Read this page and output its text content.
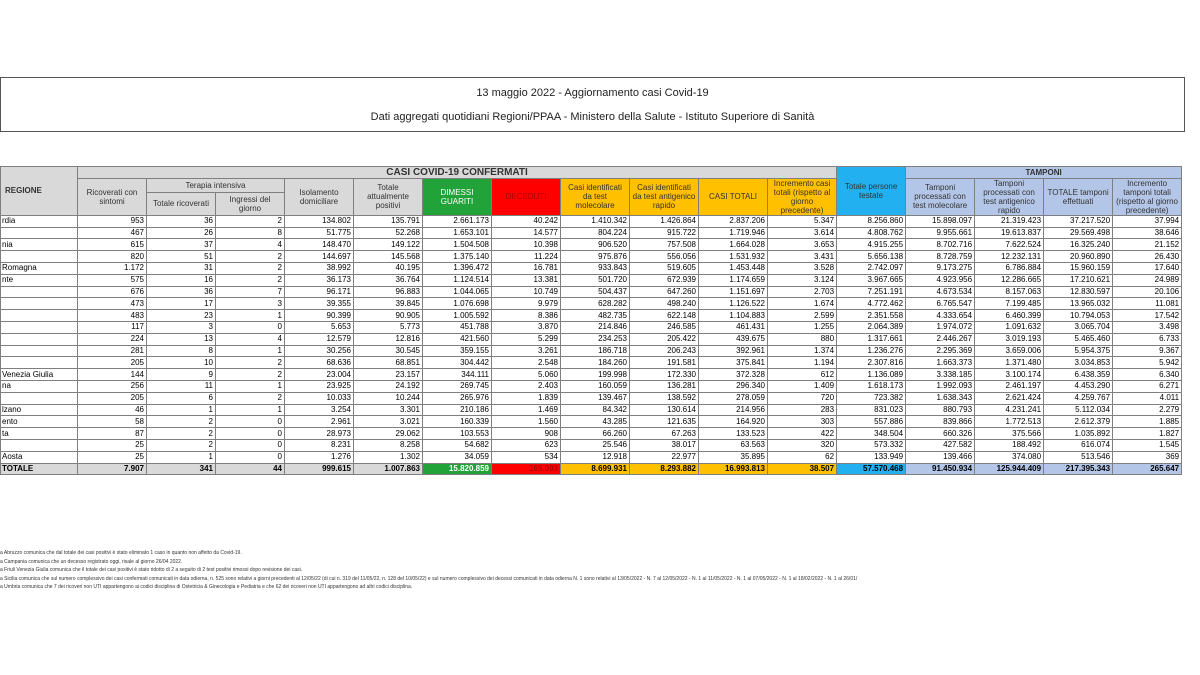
13 maggio 2022 - Aggiornamento casi Covid-19
Dati aggregati quotidiani Regioni/PPAA - Ministero della Salute - Istituto Superiore di Sanità
REGIONE	CASI COVID-19 CONFERMATI											Totale persone testate	TAMPONI			
	Ricoverati con sintomi	Terapia intensiva		Isolamento domiciliare	Totale attualmente positivi	DIMESSI GUARITI	DECEDUTI	Casi identificati da test molecolare	Casi identificati da test antigenico rapido	CASI TOTALI	Incremento casi totali (rispetto al giorno precedente)		Tamponi processati con test molecolare	Tamponi processati con test antigenico rapido	TOTALE tamponi effettuati	Incremento tamponi totali (rispetto al giorno precedente)
		Totale ricoverati	Ingressi del giorno													
rdia	953	36	2	134.802	135.791	2.661.173	40.242	1.410.342	1.426.864	2.837.206	5.347	8.256.860	15.898.097	21.319.423	37.217.520	37.994
	467	26	8	51.775	52.268	1.653.101	14.577	804.224	915.722	1.719.946	3.614	4.808.762	9.955.661	19.613.837	29.569.498	38.646
nia	615	37	4	148.470	149.122	1.504.508	10.398	906.520	757.508	1.664.028	3.653	4.915.255	8.702.716	7.622.524	16.325.240	21.152
	820	51	2	144.697	145.568	1.375.140	11.224	975.876	556.056	1.531.932	3.431	5.656.138	8.728.759	12.232.131	20.960.890	26.430
Romagna	1.172	31	2	38.992	40.195	1.396.472	16.781	933.843	519.605	1.453.448	3.528	2.742.097	9.173.275	6.786.884	15.960.159	17.640
nte	575	16	2	36.173	36.764	1.124.514	13.381	501.720	672.939	1.174.659	3.124	3.967.665	4.923.956	12.286.665	17.210.621	24.989
	676	36	7	96.171	96.883	1.044.065	10.749	504.437	647.260	1.151.697	2.703	7.251.191	4.673.534	8.157.063	12.830.597	20.106
	473	17	3	39.355	39.845	1.076.698	9.979	628.282	498.240	1.126.522	1.674	4.772.462	6.765.547	7.199.485	13.965.032	11.081
	483	23	1	90.399	90.905	1.005.592	8.386	482.735	622.148	1.104.883	2.599	2.351.558	4.333.654	6.460.399	10.794.053	17.542
	117	3	0	5.653	5.773	451.788	3.870	214.846	246.585	461.431	1.255	2.064.389	1.974.072	1.091.632	3.065.704	3.498
	224	13	4	12.579	12.816	421.560	5.299	234.253	205.422	439.675	880	1.317.661	2.446.267	3.019.193	5.465.460	6.733
	281	8	1	30.256	30.545	359.155	3.261	186.718	206.243	392.961	1.374	1.236.276	2.295.369	3.659.006	5.954.375	9.367
	205	10	2	68.636	68.851	304.442	2.548	184.260	191.581	375.841	1.194	2.307.816	1.663.373	1.371.480	3.034.853	5.942
Venezia Giulia	144	9	2	23.004	23.157	344.111	5.060	199.998	172.330	372.328	612	1.136.089	3.338.185	3.100.174	6.438.359	6.340
na	256	11	1	23.925	24.192	269.745	2.403	160.059	136.281	296.340	1.409	1.618.173	1.992.093	2.461.197	4.453.290	6.271
	205	6	2	10.033	10.244	265.976	1.839	139.467	138.592	278.059	720	723.382	1.638.343	2.621.424	4.259.767	4.011
lzano	46	1	1	3.254	3.301	210.186	1.469	84.342	130.614	214.956	283	831.023	880.793	4.231.241	5.112.034	2.279
ento	58	2	0	2.961	3.021	160.339	1.560	43.285	121.635	164.920	303	557.886	839.866	1.772.513	2.612.379	1.885
ta	87	2	0	28.973	29.062	103.553	908	66.260	67.263	133.523	422	348.504	660.326	375.566	1.035.892	1.827
	25	2	0	8.231	8.258	54.682	623	25.546	38.017	63.563	320	573.332	427.582	188.492	616.074	1.545
Aosta	25	1	0	1.276	1.302	34.059	534	12.918	22.977	35.895	62	133.949	139.466	374.080	513.546	369
TOTALE	7.907	341	44	999.615	1.007.863	15.820.859	165.093	8.699.931	8.293.882	16.993.813	38.507	57.570.468	91.450.934	125.944.409	217.395.343	265.647
a Abruzzo comunica che dal totale dei casi positivi è stato eliminato 1 caso in quanto non affetto da Covid-19.
a Campania comunica che un decesso registrato oggi, risale al giorno 26/04 2022.
a Friuli Venezia Giulia comunica che il totale dei casi positivi è stato ridotto di 2 a seguito di 2 test positivi rimossi dopo revisione dei casi.
a Sicilia comunica che sul numero complessivo dei casi confermati comunicati in data odierna, n. 525 sono relativi a giorni precedenti al 12/05/22 (di cui n. 319 del 11/05/22, n. 128 del 10/05/22) e sul numero complessivo dei decessi comunicati in data odierna N. 1 sono relativi al 13/05/2022 - N. 7 al 12/05/2022 - N. 1 al 11/05/2022 - N. 1 al 07/05/2022 - N. 1 al 18/02/2022 - N. 1 al 26/01/
a Umbria comunica che 7 dei ricoveri non UTI appartengono ai codici disciplina di Ostetricia & Ginecologia e Pediatria e che 62 dei ricoveri non UTI appartengono ad altri codici disciplina.
